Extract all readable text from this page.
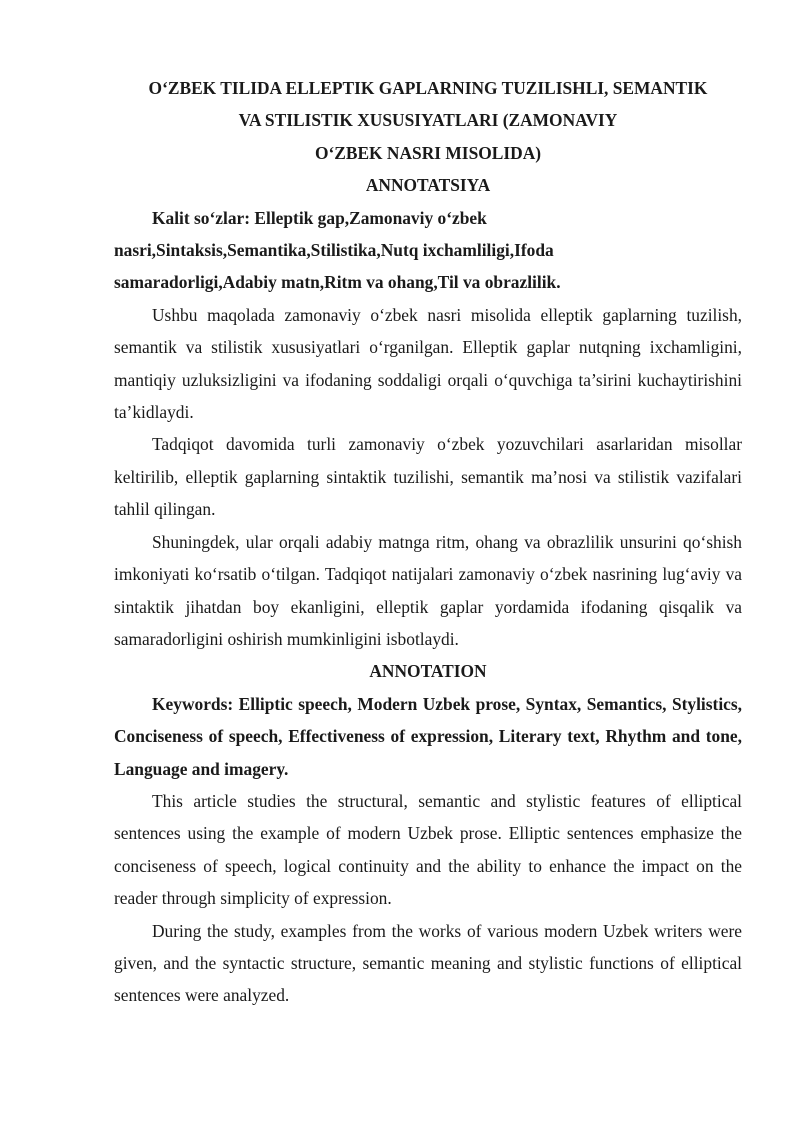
O‘ZBEK TILIDA ELLEPTIK GAPLARNING TUZILISHLI, SEMANTIK
VA STILISTIK XUSUSIYATLARI (ZAMONAVIY
O‘ZBEK NASRI MISOLIDA)
ANNOTATSIYA
Kalit so‘zlar: Elleptik gap,Zamonaviy o‘zbek
nasri,Sintaksis,Semantika,Stilistika,Nutq ixchamliligi,Ifoda
samaradorligi,Adabiy matn,Ritm va ohang,Til va obrazlilik.

Ushbu maqolada zamonaviy o‘zbek nasri misolida elleptik gaplarning tuzilish, semantik va stilistik xususiyatlari o‘rganilgan. Elleptik gaplar nutqning ixchamligini, mantiqiy uzluksizligini va ifodaning soddaligi orqali o‘quvchiga ta’sirini kuchaytirishini ta’kidlaydi.

Tadqiqot davomida turli zamonaviy o‘zbek yozuvchilari asarlaridan misollar keltirilib, elleptik gaplarning sintaktik tuzilishi, semantik ma’nosi va stilistik vazifalari tahlil qilingan.

Shuningdek, ular orqali adabiy matnga ritm, ohang va obrazlilik unsurini qo‘shish imkoniyati ko‘rsatib o‘tilgan. Tadqiqot natijalari zamonaviy o‘zbek nasrining lug‘aviy va sintaktik jihatdan boy ekanligini, elleptik gaplar yordamida ifodaning qisqalik va samaradorligini oshirish mumkinligini isbotlaydi.

ANNOTATION

Keywords: Elliptic speech, Modern Uzbek prose, Syntax, Semantics, Stylistics, Conciseness of speech, Effectiveness of expression, Literary text, Rhythm and tone, Language and imagery.

This article studies the structural, semantic and stylistic features of elliptical sentences using the example of modern Uzbek prose. Elliptic sentences emphasize the conciseness of speech, logical continuity and the ability to enhance the impact on the reader through simplicity of expression.

During the study, examples from the works of various modern Uzbek writers were given, and the syntactic structure, semantic meaning and stylistic functions of elliptical sentences were analyzed.
